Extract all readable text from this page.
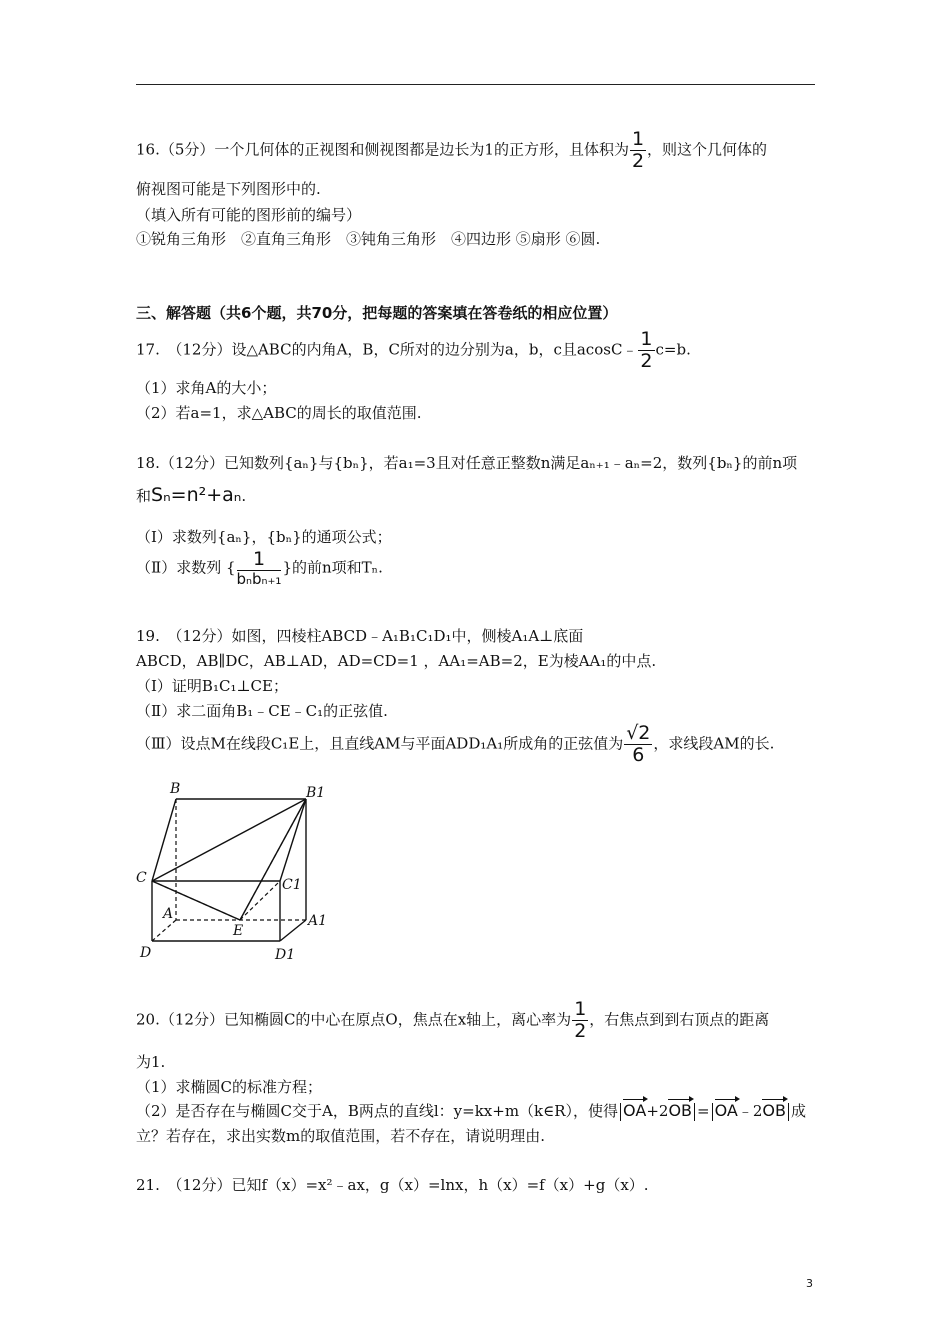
16.（5分）一个几何体的正视图和侧视图都是边长为1的正方形，且体积为 $\frac{1}{2}$ ，则这个几何体的
俯视图可能是下列图形中的.
（填入所有可能的图形前的编号）
①锐角三角形　②直角三角形　③钝角三角形　④四边形 ⑤扇形 ⑥圆.
三、解答题（共6个题，共70分，把每题的答案填在答卷纸的相应位置）
17.　（12分）设△ABC的内角A，B，C所对的边分别为a，b，c且acosC﹣ $\frac{1}{2} c=b$.
（1）求角A的大小；
（2）若a=1，求△ABC的周长的取值范围.
18.（12分）已知数列{aₙ}与{bₙ}，若a₁=3且对任意正整数n满足aₙ₊₁﹣aₙ=2，数列{bₙ}的前n项
和Sₙ=n²+aₙ.
（Ⅰ）求数列{aₙ}，{bₙ}的通项公式；
（Ⅱ）求数列 { $\frac{1}{\text{bₙbₙ₊₁}}$ }的前n项和Tₙ.
19.　（12分）如图，四棱柱ABCD﹣A₁B₁C₁D₁中，侧棱A₁A⊥底面
ABCD，AB∥DC，AB⊥AD，AD=CD=1 ，AA₁=AB=2，E为棱AA₁的中点.
（Ⅰ）证明B₁C₁⊥CE；
（Ⅱ）求二面角B₁﹣CE﹣C₁的正弦值.
（Ⅲ）设点M在线段C₁E上，且直线AM与平面ADD₁A₁所成角的正弦值为 $\frac{√2}{6}$ ，求线段AM的长.
B	B1
C	C1
A	A1
E
D	D1
20.（12分）已知椭圆C的中心在原点O，焦点在x轴上，离心率为 $\frac{1}{2}$ ，右焦点到到右顶点的距离
为1.
（1）求椭圆C的标准方程；
（2）是否存在与椭圆C交于A，B两点的直线l：y=kx+m（k∈R），使得 OA+2OB = OA﹣2OB 成
立？若存在，求出实数m的取值范围，若不存在，请说明理由.
21.　（12分）已知f（x）=x²﹣ax，g（x）=lnx，h（x）=f（x）+g（x）.
3
